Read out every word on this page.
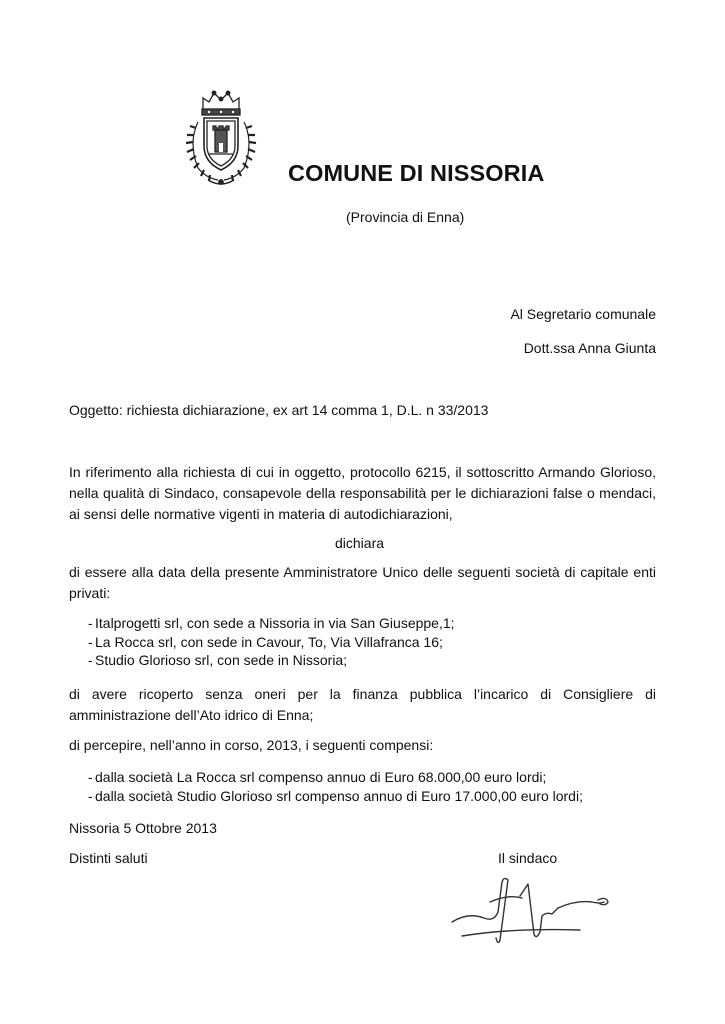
COMUNE DI NISSORIA
(Provincia di Enna)
Al Segretario comunale
Dott.ssa Anna Giunta
Oggetto: richiesta dichiarazione, ex art 14 comma 1, D.L. n 33/2013
In riferimento alla richiesta di cui in oggetto, protocollo 6215, il sottoscritto Armando Glorioso, nella qualità di Sindaco, consapevole della responsabilità per le dichiarazioni false o mendaci, ai sensi delle normative vigenti in materia di autodichiarazioni,
dichiara
di essere alla data della presente Amministratore Unico delle seguenti società di capitale enti privati:
- Italprogetti srl, con sede a Nissoria in via San Giuseppe,1;
- La Rocca srl, con sede in Cavour, To, Via Villafranca 16;
- Studio Glorioso srl, con sede in Nissoria;
di avere ricoperto senza oneri per la finanza pubblica l’incarico di Consigliere di amministrazione dell’Ato idrico di Enna;
di percepire, nell’anno in corso, 2013, i seguenti compensi:
- dalla società La Rocca srl compenso annuo di Euro 68.000,00 euro lordi;
- dalla società Studio Glorioso srl compenso annuo di Euro 17.000,00 euro lordi;
Nissoria 5 Ottobre 2013
Distinti saluti	Il sindaco
